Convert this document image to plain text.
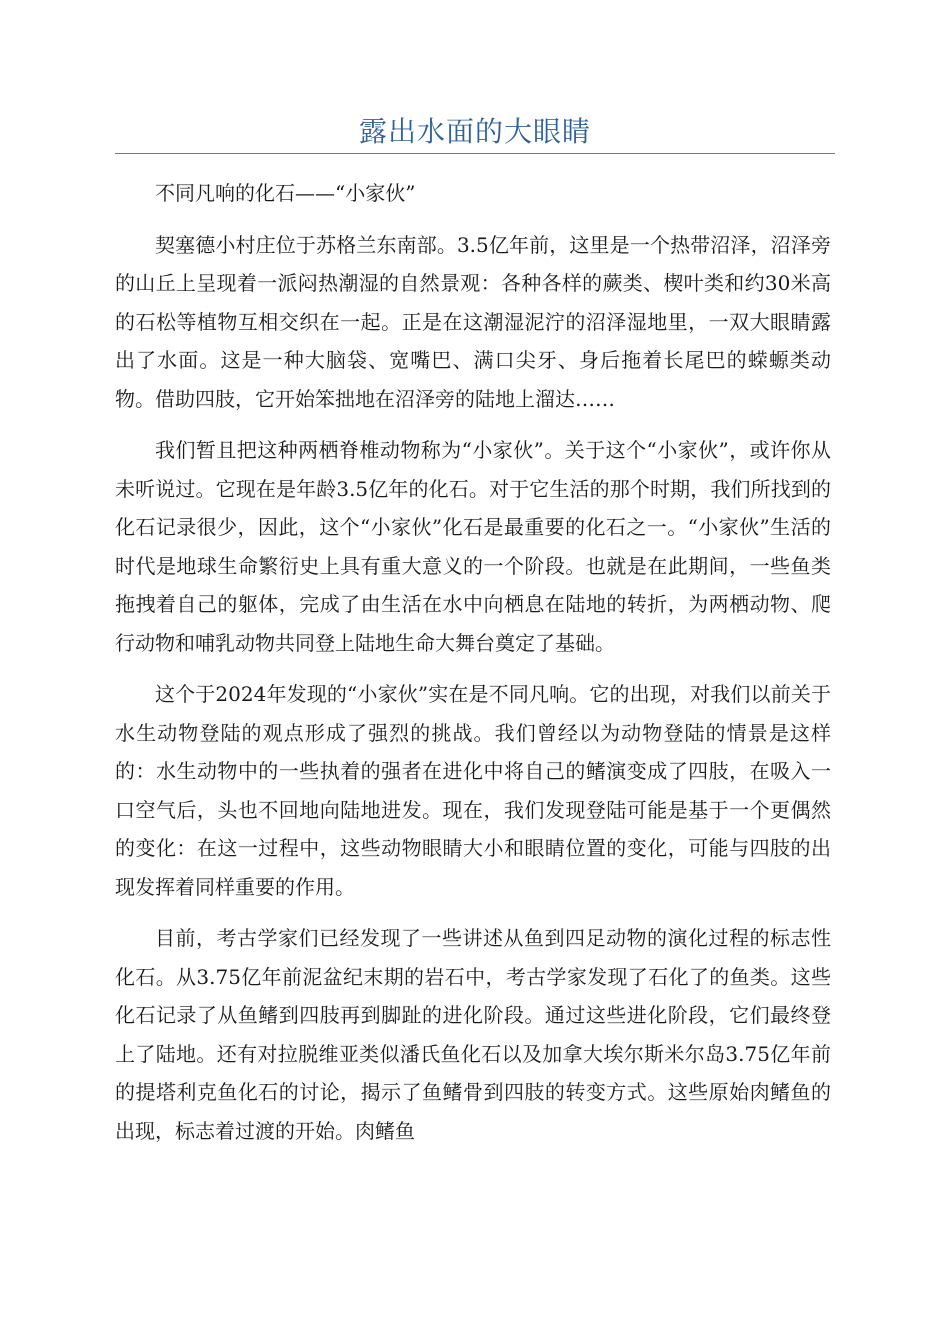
露出水面的大眼睛

不同凡响的化石——“小家伙”

契塞德小村庄位于苏格兰东南部。3.5亿年前，这里是一个热带沼泽，沼泽旁的山丘上呈现着一派闷热潮湿的自然景观：各种各样的蕨类、楔叶类和约30米高的石松等植物互相交织在一起。正是在这潮湿泥泞的沼泽湿地里，一双大眼睛露出了水面。这是一种大脑袋、宽嘴巴、满口尖牙、身后拖着长尾巴的蝾螈类动物。借助四肢，它开始笨拙地在沼泽旁的陆地上溜达……

我们暂且把这种两栖脊椎动物称为“小家伙”。关于这个“小家伙”，或许你从未听说过。它现在是年龄3.5亿年的化石。对于它生活的那个时期，我们所找到的化石记录很少，因此，这个“小家伙”化石是最重要的化石之一。“小家伙”生活的时代是地球生命繁衍史上具有重大意义的一个阶段。也就是在此期间，一些鱼类拖拽着自己的躯体，完成了由生活在水中向栖息在陆地的转折，为两栖动物、爬行动物和哺乳动物共同登上陆地生命大舞台奠定了基础。

这个于2024年发现的“小家伙”实在是不同凡响。它的出现，对我们以前关于水生动物登陆的观点形成了强烈的挑战。我们曾经以为动物登陆的情景是这样的：水生动物中的一些执着的强者在进化中将自己的鳍演变成了四肢，在吸入一口空气后，头也不回地向陆地进发。现在，我们发现登陆可能是基于一个更偶然的变化：在这一过程中，这些动物眼睛大小和眼睛位置的变化，可能与四肢的出现发挥着同样重要的作用。

目前，考古学家们已经发现了一些讲述从鱼到四足动物的演化过程的标志性化石。从3.75亿年前泥盆纪末期的岩石中，考古学家发现了石化了的鱼类。这些化石记录了从鱼鳍到四肢再到脚趾的进化阶段。通过这些进化阶段，它们最终登上了陆地。还有对拉脱维亚类似潘氏鱼化石以及加拿大埃尔斯米尔岛3.75亿年前的提塔利克鱼化石的讨论，揭示了鱼鳍骨到四肢的转变方式。这些原始肉鳍鱼的出现，标志着过渡的开始。肉鳍鱼
